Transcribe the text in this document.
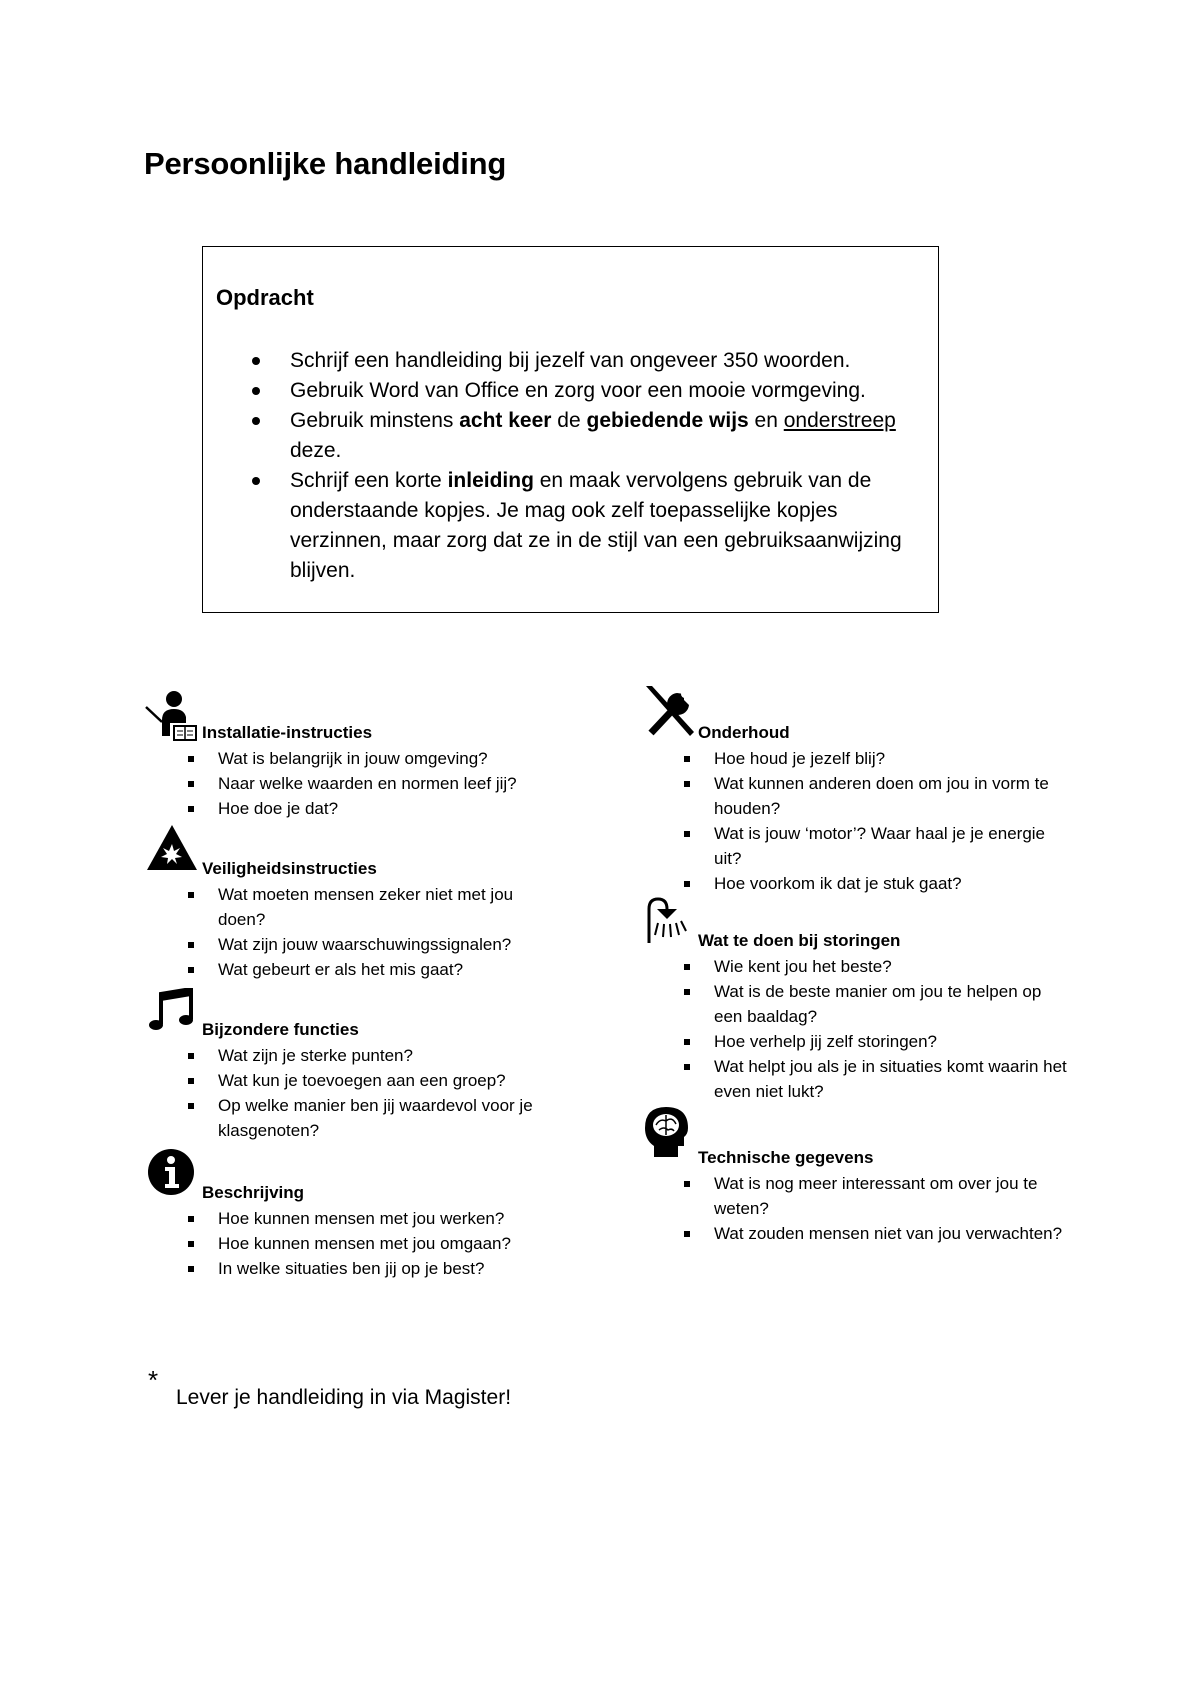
Persoonlijke handleiding
Opdracht
Schrijf een handleiding bij jezelf van ongeveer 350 woorden.
Gebruik Word van Office en zorg voor een mooie vormgeving.
Gebruik minstens acht keer de gebiedende wijs en onderstreep deze.
Schrijf een korte inleiding en maak vervolgens gebruik van de onderstaande kopjes. Je mag ook zelf toepasselijke kopjes verzinnen, maar zorg dat ze in de stijl van een gebruiksaanwijzing blijven.
Installatie-instructies
Wat is belangrijk in jouw omgeving?
Naar welke waarden en normen leef jij?
Hoe doe je dat?
Veiligheidsinstructies
Wat moeten mensen zeker niet met jou doen?
Wat zijn jouw waarschuwingssignalen?
Wat gebeurt er als het mis gaat?
Bijzondere functies
Wat zijn je sterke punten?
Wat kun je toevoegen aan een groep?
Op welke manier ben jij waardevol voor je klasgenoten?
Beschrijving
Hoe kunnen mensen met jou werken?
Hoe kunnen mensen met jou omgaan?
In welke situaties ben jij op je best?
Onderhoud
Hoe houd je jezelf blij?
Wat kunnen anderen doen om jou in vorm te houden?
Wat is jouw ‘motor’? Waar haal je je energie uit?
Hoe voorkom ik dat je stuk gaat?
Wat te doen bij storingen
Wie kent jou het beste?
Wat is de beste manier om jou te helpen op een baaldag?
Hoe verhelp jij zelf storingen?
Wat helpt jou als je in situaties komt waarin het even niet lukt?
Technische gegevens
Wat is nog meer interessant om over jou te weten?
Wat zouden mensen niet van jou verwachten?
*
Lever je handleiding in via Magister!
